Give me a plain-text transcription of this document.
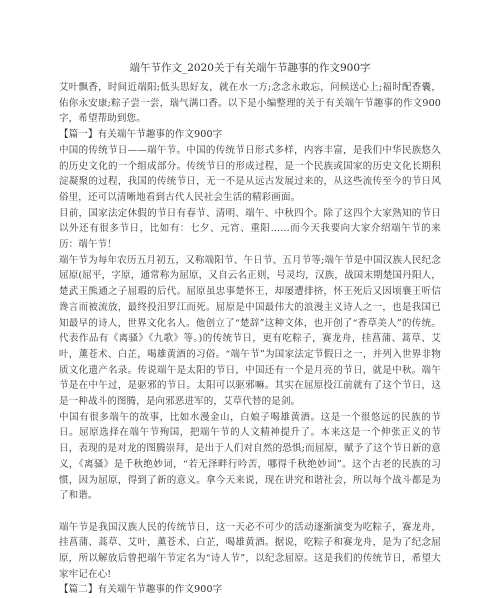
端午节作文_2020关于有关端午节趣事的作文900字

艾叶飘香，时间近端阳;低头思好友，就在水一方;念念永敢忘，问候送心上;福时配香囊，佑你永安康;粽子尝一尝，瑞气满口香。以下是小编整理的关于有关端午节趣事的作文900字，希望帮助到您。

【篇一】有关端午节趣事的作文900字

中国的传统节日——端午节。中国的传统节日形式多样，内容丰富，是我们中华民族悠久的历史文化的一个组成部分。传统节日的形成过程，是一个民族或国家的历史文化长期积淀凝聚的过程，我国的传统节日，无一不是从远古发展过来的，从这些流传至今的节日风俗里，还可以清晰地看到古代人民社会生活的精彩画面。

目前，国家法定休假的节日有春节、清明、端午、中秋四个。除了这四个大家熟知的节日以外还有很多节日，比如有：七夕、元宵、重阳……而今天我要向大家介绍端午节的来历：端午节！

端午节为每年农历五月初五，又称端阳节、午日节、五月节等;端午节是中国汉族人民纪念屈原(屈平，字原，通常称为屈原，又自云名正则，号灵均，汉族，战国末期楚国丹阳人，楚武王熊通之子屈瑕的后代。屈原虽忠事楚怀王，却屡遭排挤，怀王死后又因顷襄王听信谗言而被流放，最终投汨罗江而死。屈原是中国最伟大的浪漫主义诗人之一，也是我国已知最早的诗人，世界文化名人。他创立了“楚辞”这种文体，也开创了“香草美人”的传统。代表作品有《离骚》《九歌》等。)的传统节日，更有吃粽子，赛龙舟，挂菖蒲、蒿草、艾叶，薰苍术、白芷，喝雄黄酒的习俗。“端午节”为国家法定节假日之一，并列入世界非物质文化遗产名录。传说端午是太阳的节日，中国还有一个是月亮的节日，就是中秋。端午节是在中午过，是驱邪的节日。太阳可以驱邪嘛。其实在屈原投江前就有了这个节日，这是一种战斗的图腾，是向邪恶进军的，艾草代替的是剑。

中国有很多端午的故事，比如水漫金山，白娘子喝雄黄酒。这是一个很悠远的民族的节日。屈原选择在端午节殉国，把端午节的人文精神提升了。本来这是一个伸张正义的节日，表现的是对龙的图腾崇拜，是出于人们对自然的恐惧;而屈原，赋予了这个节日新的意义，《离骚》是千秋绝妙词，“若无泽畔行吟苦，哪得千秋绝妙词”。这个古老的民族的习惯，因为屈原，得到了新的意义。拿今天来说，现在讲究和谐社会，所以每个战斗都是为了和谐。

端午节是我国汉族人民的传统节日，这一天必不可少的活动逐渐演变为吃粽子，赛龙舟，挂菖蒲、蒿草、艾叶，薰苍术、白芷，喝雄黄酒。据说，吃粽子和赛龙舟，是为了纪念屈原，所以解放后曾把端午节定名为“诗人节”，以纪念屈原。这是我们的传统节日，希望大家牢记在心!

【篇二】有关端午节趣事的作文900字
